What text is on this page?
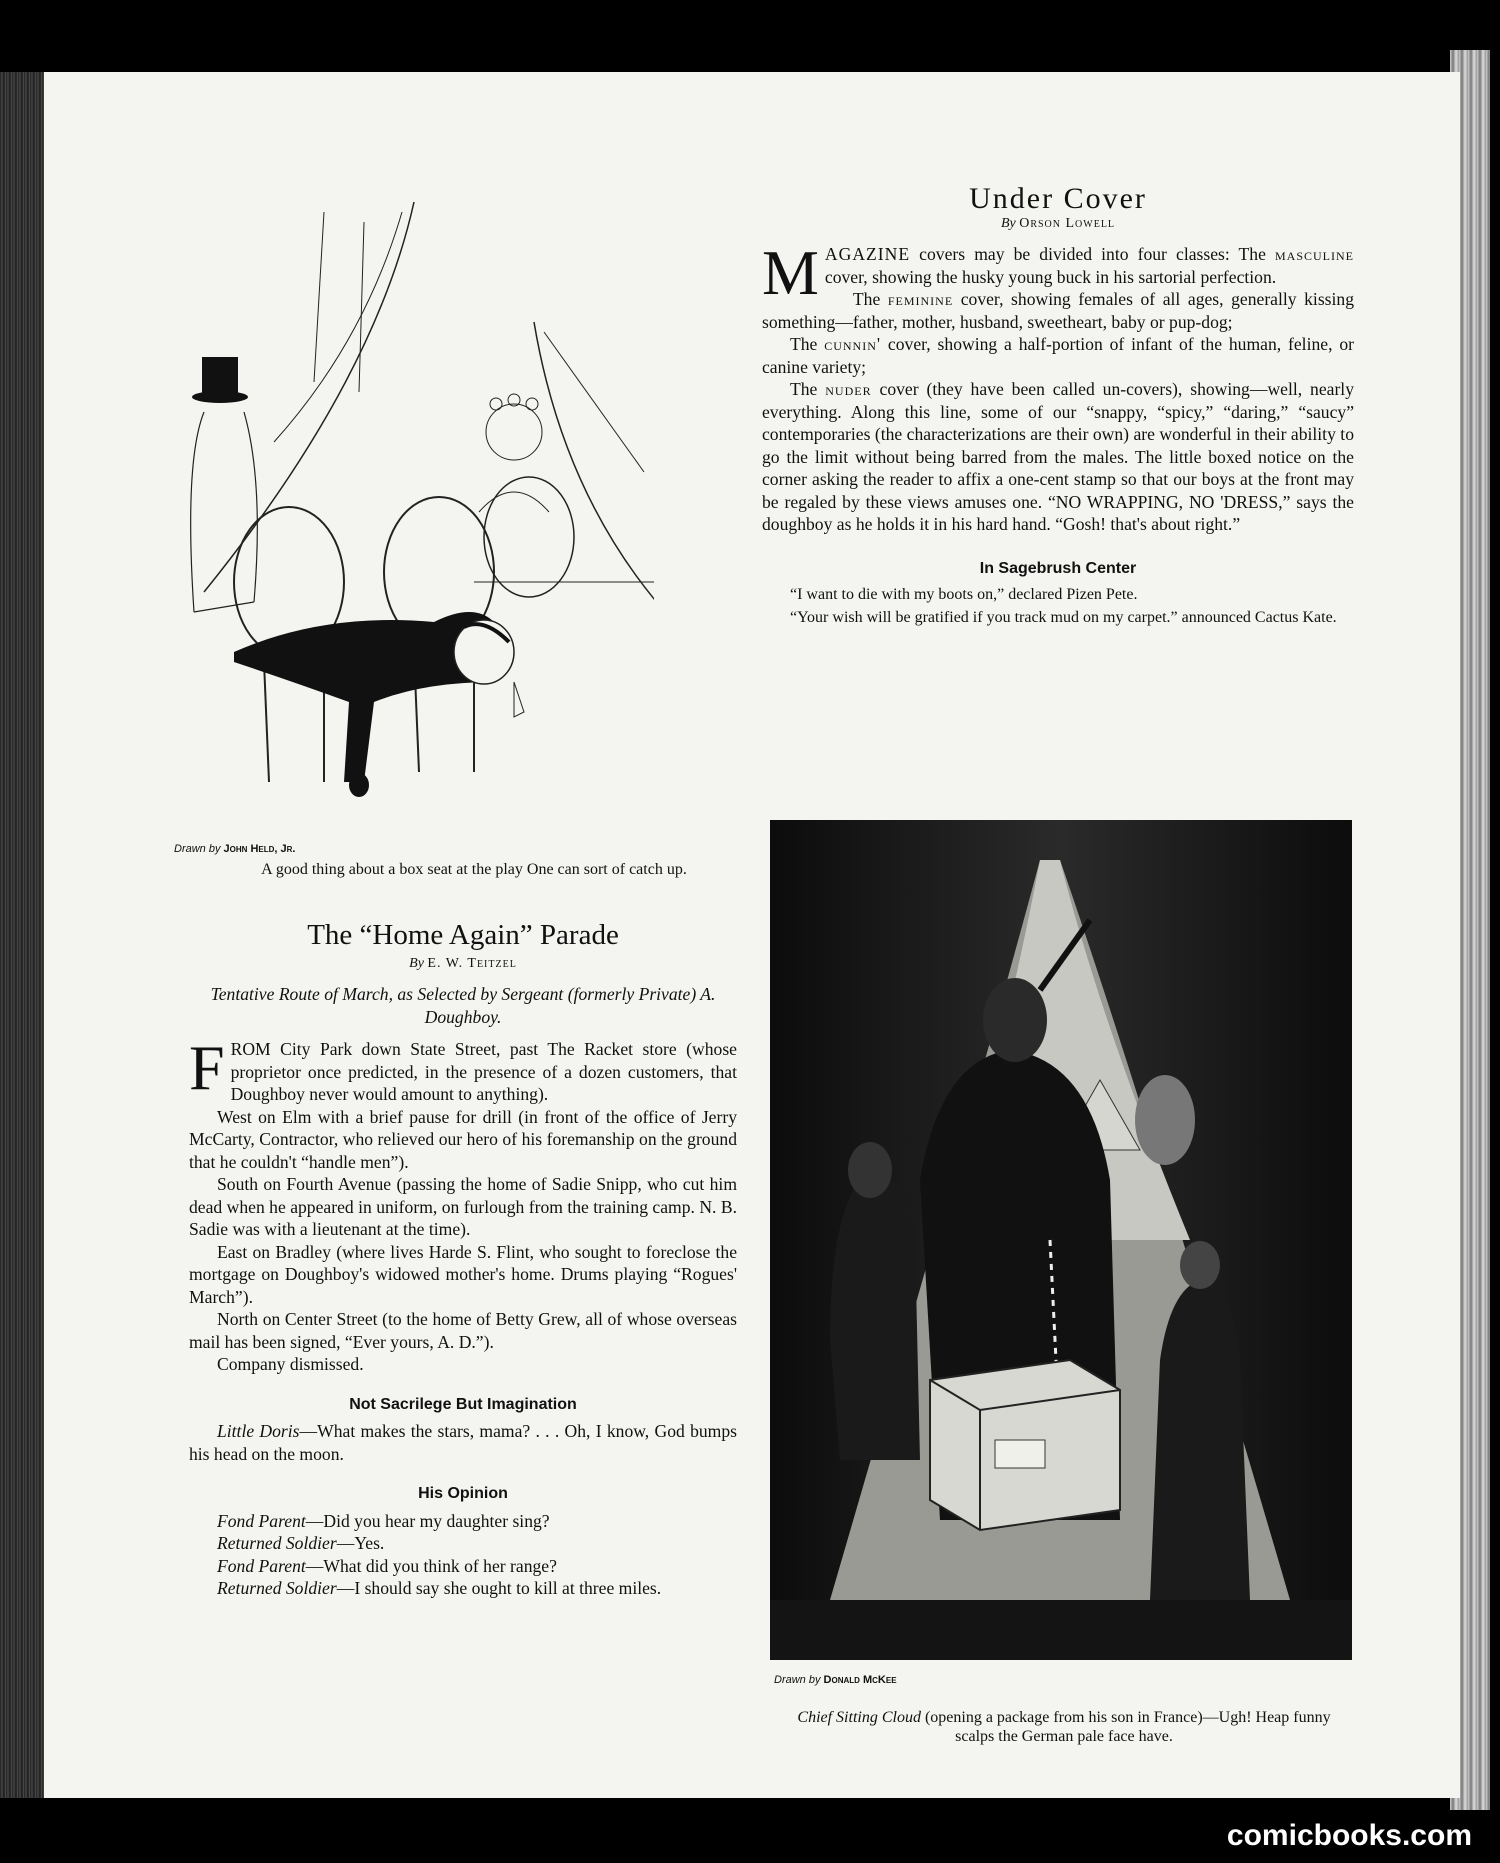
Drawn by John Held, Jr.
A good thing about a box seat at the play One can sort of catch up.

The “Home Again” Parade

By E. W. Teitzel

Tentative Route of March, as Selected by Sergeant (formerly Private) A. Doughboy.

FROM City Park down State Street, past The Racket store (whose proprietor once predicted, in the presence of a dozen customers, that Doughboy never would amount to anything).

West on Elm with a brief pause for drill (in front of the office of Jerry McCarty, Contractor, who relieved our hero of his foremanship on the ground that he couldn't “handle men”).

South on Fourth Avenue (passing the home of Sadie Snipp, who cut him dead when he appeared in uniform, on furlough from the training camp. N. B. Sadie was with a lieutenant at the time).

East on Bradley (where lives Harde S. Flint, who sought to foreclose the mortgage on Doughboy's widowed mother's home. Drums playing “Rogues' March”).

North on Center Street (to the home of Betty Grew, all of whose overseas mail has been signed, “Ever yours, A. D.”).

Company dismissed.

Not Sacrilege But Imagination

Little Doris—What makes the stars, mama? . . . Oh, I know, God bumps his head on the moon.

His Opinion

Fond Parent—Did you hear my daughter sing?

Returned Soldier—Yes.

Fond Parent—What did you think of her range?

Returned Soldier—I should say she ought to kill at three miles.

Under Cover

By Orson Lowell

MAGAZINE covers may be divided into four classes: The masculine cover, showing the husky young buck in his sartorial perfection.

The feminine cover, showing females of all ages, generally kissing something—father, mother, husband, sweetheart, baby or pup-dog;

The cunnin' cover, showing a half-portion of infant of the human, feline, or canine variety;

The nuder cover (they have been called un-covers), showing—well, nearly everything. Along this line, some of our “snappy, “spicy,” “daring,” “saucy” contemporaries (the characterizations are their own) are wonderful in their ability to go the limit without being barred from the males. The little boxed notice on the corner asking the reader to affix a one-cent stamp so that our boys at the front may be regaled by these views amuses one. “NO WRAPPING, NO 'DRESS,” says the doughboy as he holds it in his hard hand. “Gosh! that's about right.”

In Sagebrush Center

“I want to die with my boots on,” declared Pizen Pete.

“Your wish will be gratified if you track mud on my carpet.” announced Cactus Kate.

Drawn by Donald McKee
Chief Sitting Cloud (opening a package from his son in France)—Ugh! Heap funny scalps the German pale face have.
comicbooks.com
